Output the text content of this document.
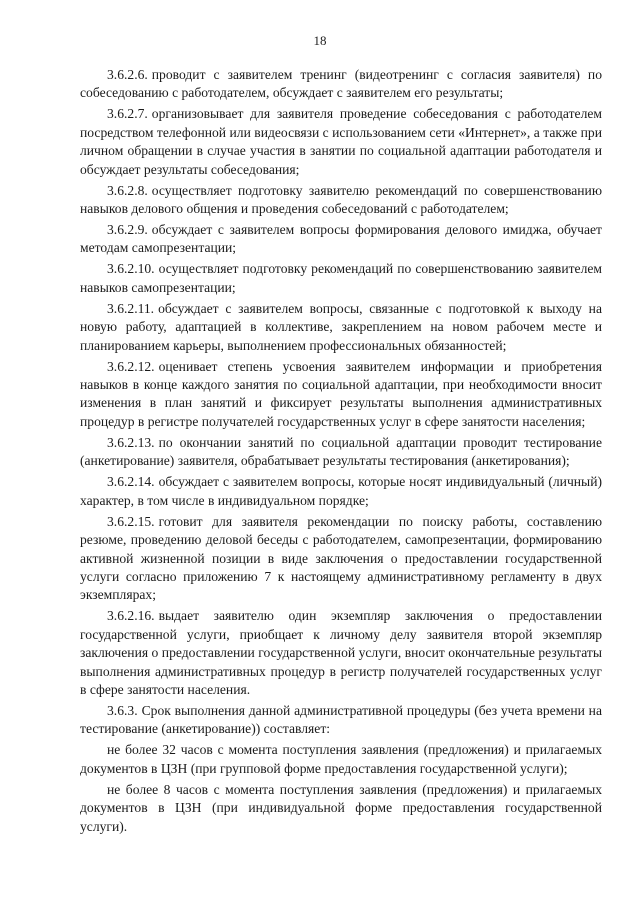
18

3.6.2.6. проводит с заявителем тренинг (видеотренинг с согласия заявителя) по собеседованию с работодателем, обсуждает с заявителем его результаты;

3.6.2.7. организовывает для заявителя проведение собеседования с работодателем посредством телефонной или видеосвязи с использованием сети «Интернет», а также при личном обращении в случае участия в занятии по социальной адаптации работодателя и обсуждает результаты собеседования;

3.6.2.8. осуществляет подготовку заявителю рекомендаций по совершенствованию навыков делового общения и проведения собеседований с работодателем;

3.6.2.9. обсуждает с заявителем вопросы формирования делового имиджа, обучает методам самопрезентации;

3.6.2.10. осуществляет подготовку рекомендаций по совершенствованию заявителем навыков самопрезентации;

3.6.2.11. обсуждает с заявителем вопросы, связанные с подготовкой к выходу на новую работу, адаптацией в коллективе, закреплением на новом рабочем месте и планированием карьеры, выполнением профессиональных обязанностей;

3.6.2.12. оценивает степень усвоения заявителем информации и приобретения навыков в конце каждого занятия по социальной адаптации, при необходимости вносит изменения в план занятий и фиксирует результаты выполнения административных процедур в регистре получателей государственных услуг в сфере занятости населения;

3.6.2.13. по окончании занятий по социальной адаптации проводит тестирование (анкетирование) заявителя, обрабатывает результаты тестирования (анкетирования);

3.6.2.14. обсуждает с заявителем вопросы, которые носят индивидуальный (личный) характер, в том числе в индивидуальном порядке;

3.6.2.15. готовит для заявителя рекомендации по поиску работы, составлению резюме, проведению деловой беседы с работодателем, самопрезентации, формированию активной жизненной позиции в виде заключения о предоставлении государственной услуги согласно приложению 7 к настоящему административному регламенту в двух экземплярах;

3.6.2.16. выдает заявителю один экземпляр заключения о предоставлении государственной услуги, приобщает к личному делу заявителя второй экземпляр заключения о предоставлении государственной услуги, вносит окончательные результаты выполнения административных процедур в регистр получателей государственных услуг в сфере занятости населения.

3.6.3. Срок выполнения данной административной процедуры (без учета времени на тестирование (анкетирование)) составляет:

не более 32 часов с момента поступления заявления (предложения) и прилагаемых документов в ЦЗН (при групповой форме предоставления государственной услуги);

не более 8 часов с момента поступления заявления (предложения) и прилагаемых документов в ЦЗН (при индивидуальной форме предоставления государственной услуги).
